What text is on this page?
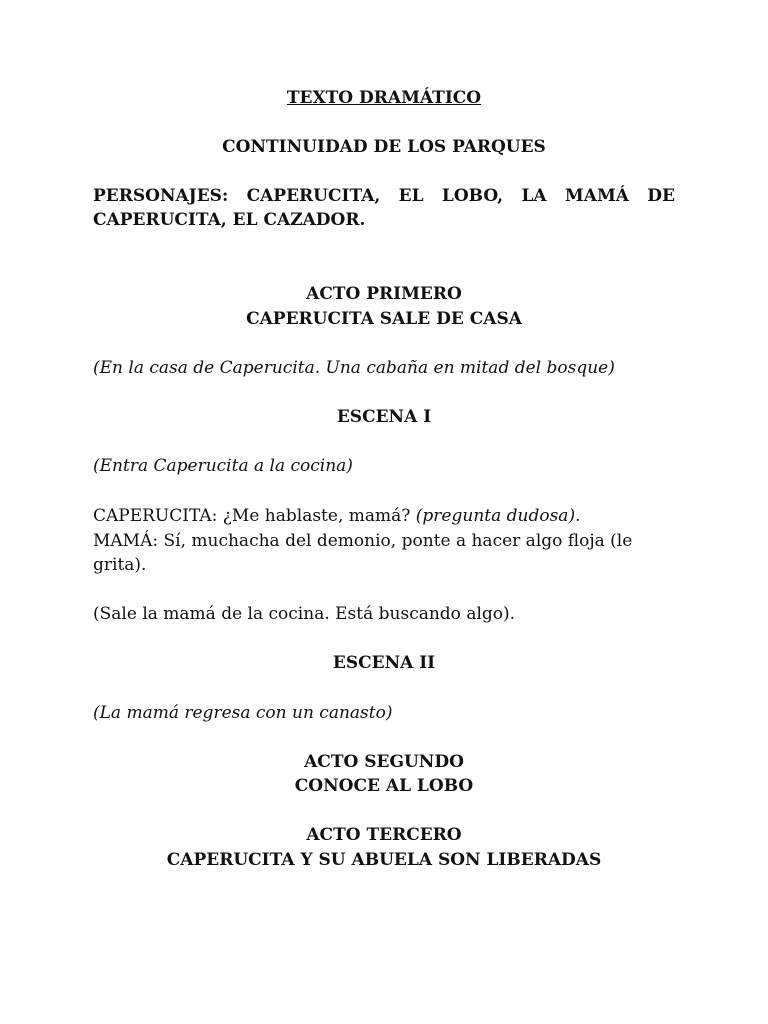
TEXTO DRAMÁTICO

CONTINUIDAD DE LOS PARQUES

PERSONAJES: CAPERUCITA, EL LOBO, LA MAMÁ DE

CAPERUCITA, EL CAZADOR.

ACTO PRIMERO

CAPERUCITA SALE DE CASA

(En la casa de Caperucita. Una cabaña en mitad del bosque)

ESCENA I

(Entra Caperucita a la cocina)

CAPERUCITA: ¿Me hablaste, mamá? (pregunta dudosa).

MAMÁ: Sí, muchacha del demonio, ponte a hacer algo floja (le grita).

(Sale la mamá de la cocina. Está buscando algo).

ESCENA II

(La mamá regresa con un canasto)

ACTO SEGUNDO

CONOCE AL LOBO

ACTO TERCERO

CAPERUCITA Y SU ABUELA SON LIBERADAS
